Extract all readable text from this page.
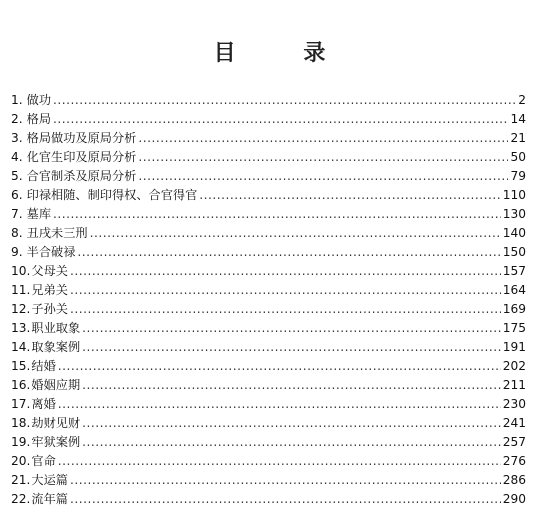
目 录
1. 做功 .....	2
2. 格局 .....	14
3. 格局做功及原局分析 .....	21
4. 化官生印及原局分析 .....	50
5. 合官制杀及原局分析 .....	79
6. 印禄相随、制印得权、合官得官 .....	110
7. 墓库 .....	130
8. 丑戌未三刑 .....	140
9. 半合破禄 .....	150
10. 父母关 .....	157
11. 兄弟关 .....	164
12. 子孙关 .....	169
13. 职业取象 .....	175
14. 取象案例 .....	191
15. 结婚 .....	202
16. 婚姻应期 .....	211
17. 离婚 .....	230
18. 劫财见财 .....	241
19. 牢狱案例 .....	257
20. 官命 .....	276
21. 大运篇 .....	286
22. 流年篇 .....	290
